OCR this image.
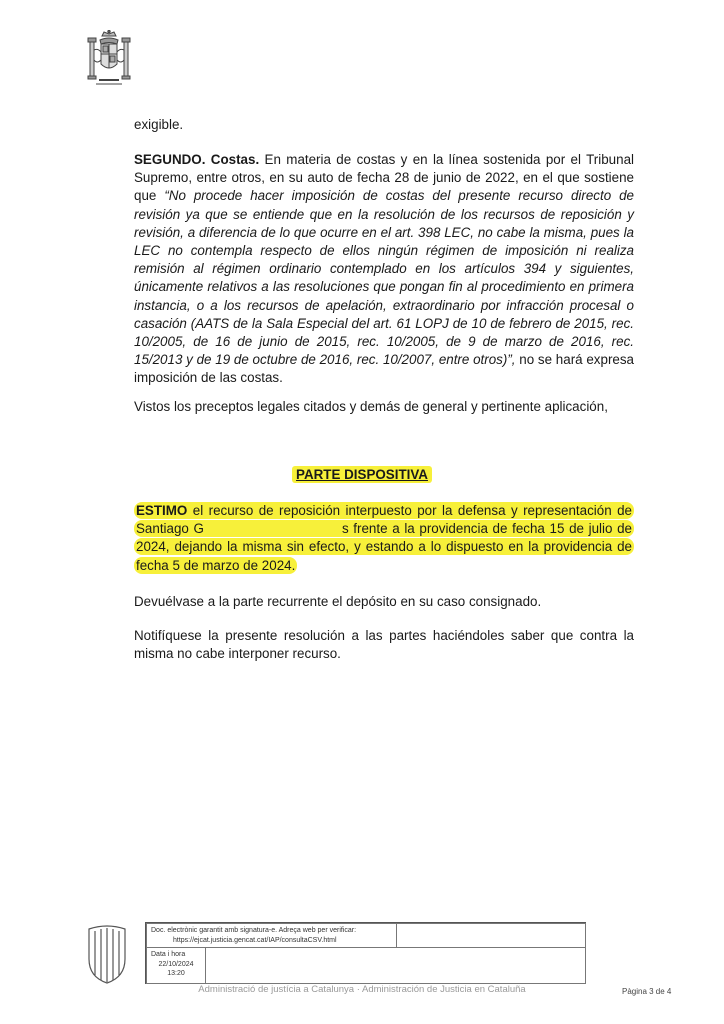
exigible.
SEGUNDO. Costas. En materia de costas y en la línea sostenida por el Tribunal Supremo, entre otros, en su auto de fecha 28 de junio de 2022, en el que sostiene que “No procede hacer imposición de costas del presente recurso directo de revisión ya que se entiende que en la resolución de los recursos de reposición y revisión, a diferencia de lo que ocurre en el art. 398 LEC, no cabe la misma, pues la LEC no contempla respecto de ellos ningún régimen de imposición ni realiza remisión al régimen ordinario contemplado en los artículos 394 y siguientes, únicamente relativos a las resoluciones que pongan fin al procedimiento en primera instancia, o a los recursos de apelación, extraordinario por infracción procesal o casación (AATS de la Sala Especial del art. 61 LOPJ de 10 de febrero de 2015, rec. 10/2005, de 16 de junio de 2015, rec. 10/2005, de 9 de marzo de 2016, rec. 15/2013 y de 19 de octubre de 2016, rec. 10/2007, entre otros)”, no se hará expresa imposición de las costas.
Vistos los preceptos legales citados y demás de general y pertinente aplicación,
PARTE DISPOSITIVA
ESTIMO el recurso de reposición interpuesto por la defensa y representación de Santiago G	s frente a la providencia de fecha 15 de julio de 2024, dejando la misma sin efecto, y estando a lo dispuesto en la providencia de fecha 5 de marzo de 2024.
Devuélvase a la parte recurrente el depósito en su caso consignado.
Notifíquese la presente resolución a las partes haciéndoles saber que contra la misma no cabe interponer recurso.
Doc. electrònic garantit amb signatura-e. Adreça web per verificar:
https://ejcat.justicia.gencat.cat/IAP/consultaCSV.html
Data i hora
22/10/2024
13:20
Administració de justícia a Catalunya · Administración de Justicia en Cataluña	Pàgina 3 de 4
